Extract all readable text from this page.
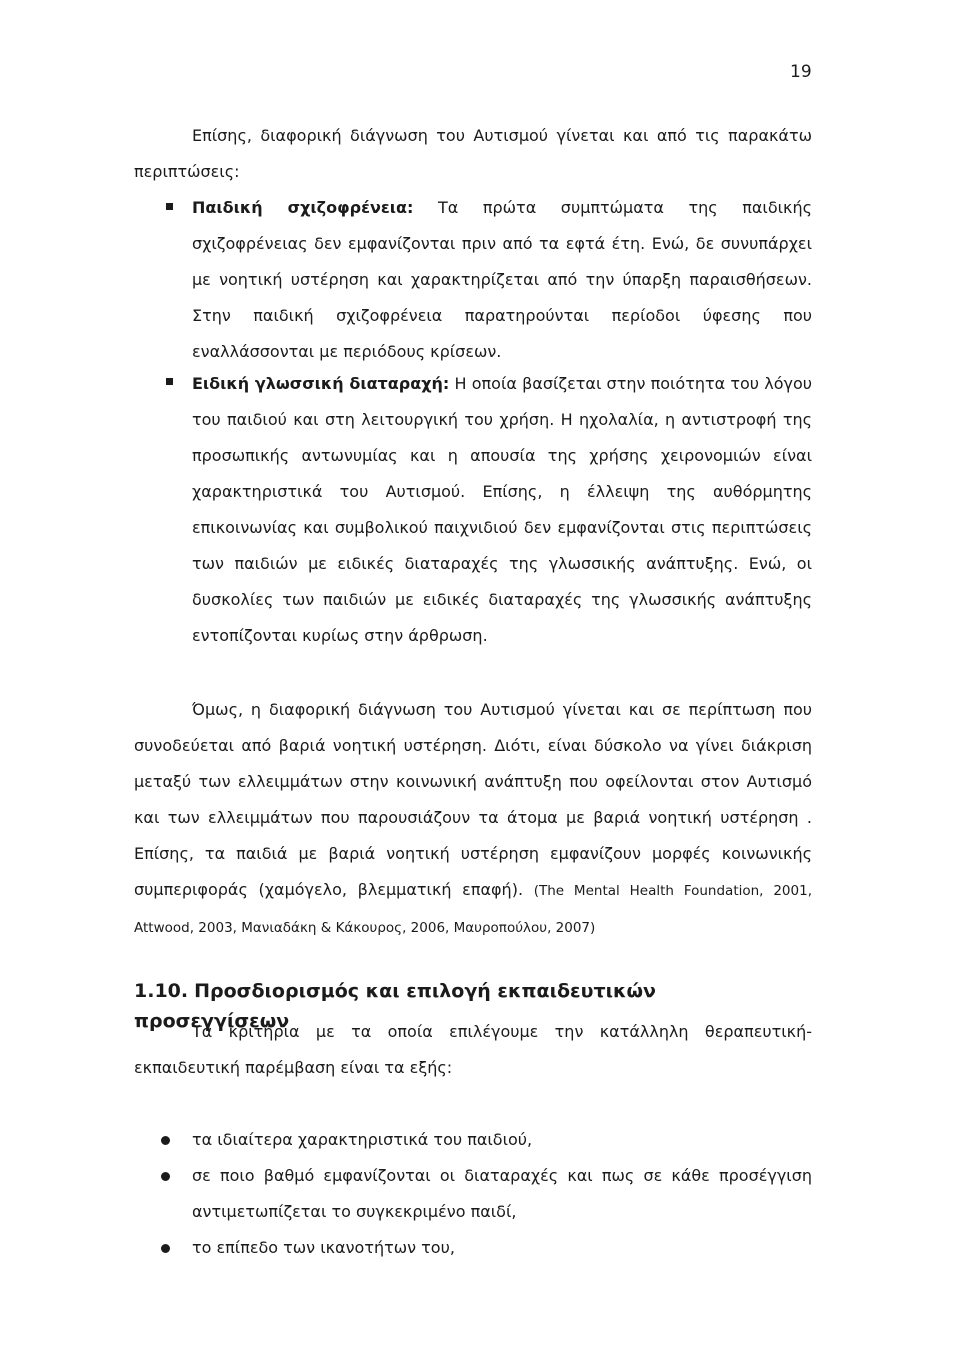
19

Επίσης, διαφορική διάγνωση του Αυτισμού γίνεται και από τις παρακάτω περιπτώσεις:

Παιδική σχιζοφρένεια: Τα πρώτα συμπτώματα της παιδικής σχιζοφρένειας δεν εμφανίζονται πριν από τα εφτά έτη. Ενώ, δε συνυπάρχει με νοητική υστέρηση και χαρακτηρίζεται από την ύπαρξη παραισθήσεων. Στην παιδική σχιζοφρένεια παρατηρούνται περίοδοι ύφεσης που εναλλάσσονται με περιόδους κρίσεων.

Ειδική γλωσσική διαταραχή: Η οποία βασίζεται στην ποιότητα του λόγου του παιδιού και στη λειτουργική του χρήση. Η ηχολαλία, η αντιστροφή της προσωπικής αντωνυμίας και η απουσία της χρήσης χειρονομιών είναι χαρακτηριστικά του Αυτισμού. Επίσης, η έλλειψη της αυθόρμητης επικοινωνίας και συμβολικού παιχνιδιού δεν εμφανίζονται στις περιπτώσεις των παιδιών με ειδικές διαταραχές της γλωσσικής ανάπτυξης. Ενώ, οι δυσκολίες των παιδιών με ειδικές διαταραχές της γλωσσικής ανάπτυξης εντοπίζονται κυρίως στην άρθρωση.

Όμως, η διαφορική διάγνωση του Αυτισμού γίνεται και σε περίπτωση που συνοδεύεται από βαριά νοητική υστέρηση. Διότι, είναι δύσκολο να γίνει διάκριση μεταξύ των ελλειμμάτων στην κοινωνική ανάπτυξη που οφείλονται στον Αυτισμό και των ελλειμμάτων που παρουσιάζουν τα άτομα με βαριά νοητική υστέρηση . Επίσης, τα παιδιά με βαριά νοητική υστέρηση εμφανίζουν μορφές κοινωνικής συμπεριφοράς (χαμόγελο, βλεμματική επαφή). (The Mental Health Foundation, 2001, Attwood, 2003, Μανιαδάκη & Κάκουρος, 2006, Μαυροπούλου, 2007)

1.10. Προσδιορισμός και επιλογή εκπαιδευτικών προσεγγίσεων

Τα κριτήρια με τα οποία επιλέγουμε την κατάλληλη θεραπευτική-εκπαιδευτική παρέμβαση είναι τα εξής:

τα ιδιαίτερα χαρακτηριστικά του παιδιού,

σε ποιο βαθμό εμφανίζονται οι διαταραχές και πως σε κάθε προσέγγιση αντιμετωπίζεται το συγκεκριμένο παιδί,

το επίπεδο των ικανοτήτων του,
